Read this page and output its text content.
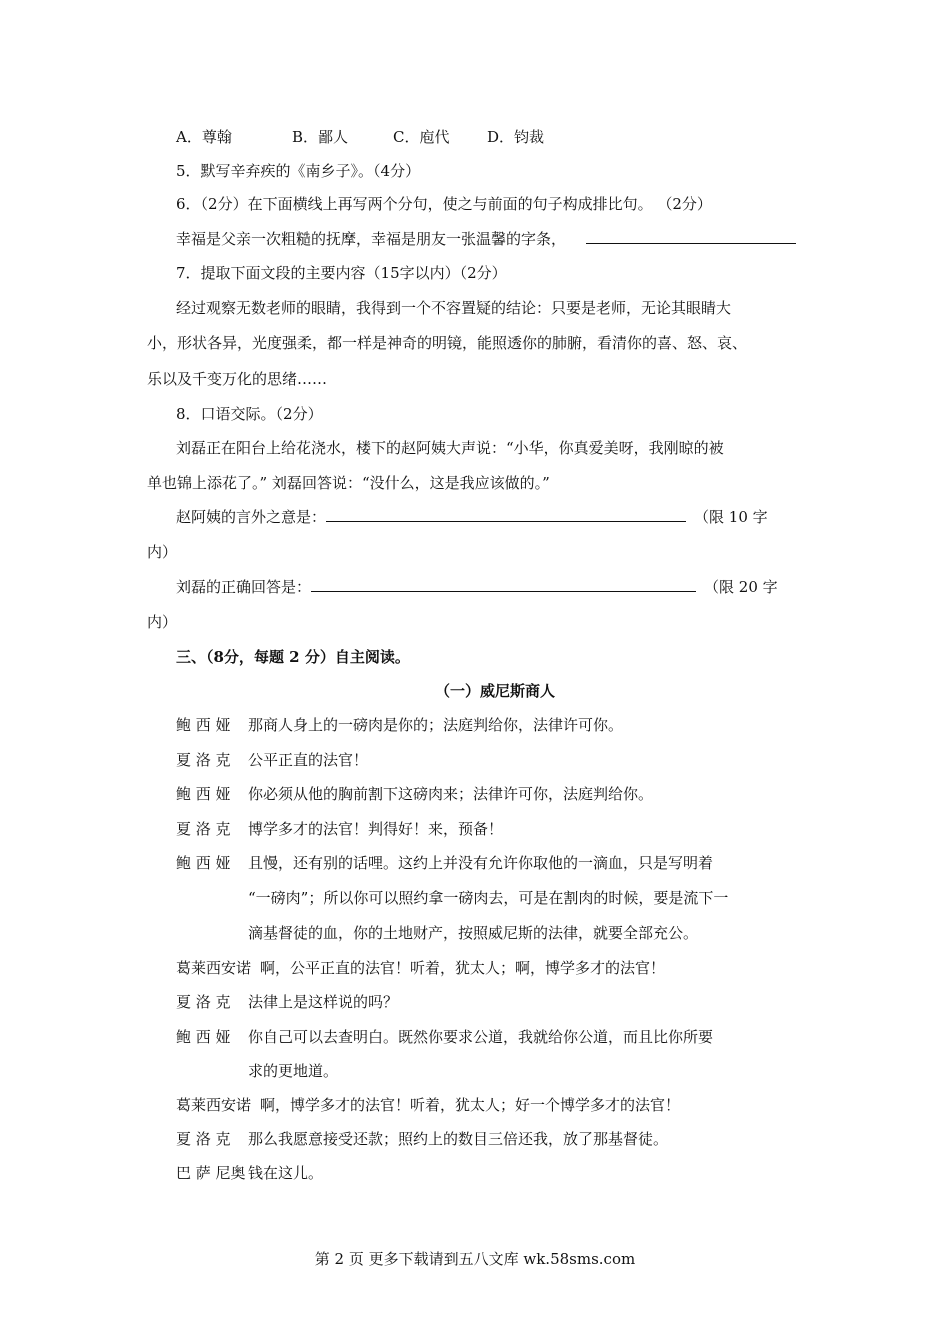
A．尊翰	B．鄙人	C．庖代	D．钧裁
5．默写辛弃疾的《南乡子》。（4分）
6．（2分）在下面横线上再写两个分句，使之与前面的句子构成排比句。 （2分）
幸福是父亲一次粗糙的抚摩，幸福是朋友一张温馨的字条，
7．提取下面文段的主要内容（15字以内）（2分）
经过观察无数老师的眼睛，我得到一个不容置疑的结论：只要是老师，无论其眼睛大
小，形状各异，光度强柔，都一样是神奇的明镜，能照透你的肺腑，看清你的喜、怒、哀、
乐以及千变万化的思绪……
8．口语交际。（2分）
刘磊正在阳台上给花浇水，楼下的赵阿姨大声说：“小华，你真爱美呀，我刚晾的被
单也锦上添花了。” 刘磊回答说：“没什么，这是我应该做的。”
赵阿姨的言外之意是：	（限 10 字
内）
刘磊的正确回答是：	（限 20 字
内）
三、（8分，每题 2 分）自主阅读。
（一）威尼斯商人
鲍 西 娅 那商人身上的一磅肉是你的；法庭判给你，法律许可你。
夏 洛 克 公平正直的法官！
鲍 西 娅 你必须从他的胸前割下这磅肉来；法律许可你，法庭判给你。
夏 洛 克 博学多才的法官！判得好！来，预备！
鲍 西 娅 且慢，还有别的话哩。这约上并没有允许你取他的一滴血，只是写明着
“一磅肉”；所以你可以照约拿一磅肉去，可是在割肉的时候，要是流下一
滴基督徒的血，你的土地财产，按照威尼斯的法律，就要全部充公。
葛莱西安诺 啊，公平正直的法官！听着，犹太人；啊，博学多才的法官！
夏 洛 克 法律上是这样说的吗？
鲍 西 娅 你自己可以去查明白。既然你要求公道，我就给你公道，而且比你所要
求的更地道。
葛莱西安诺 啊，博学多才的法官！听着，犹太人；好一个博学多才的法官！
夏 洛 克 那么我愿意接受还款；照约上的数目三倍还我，放了那基督徒。
巴 萨 尼奥 钱在这儿。
第 2 页 更多下载请到五八文库 wk.58sms.com
